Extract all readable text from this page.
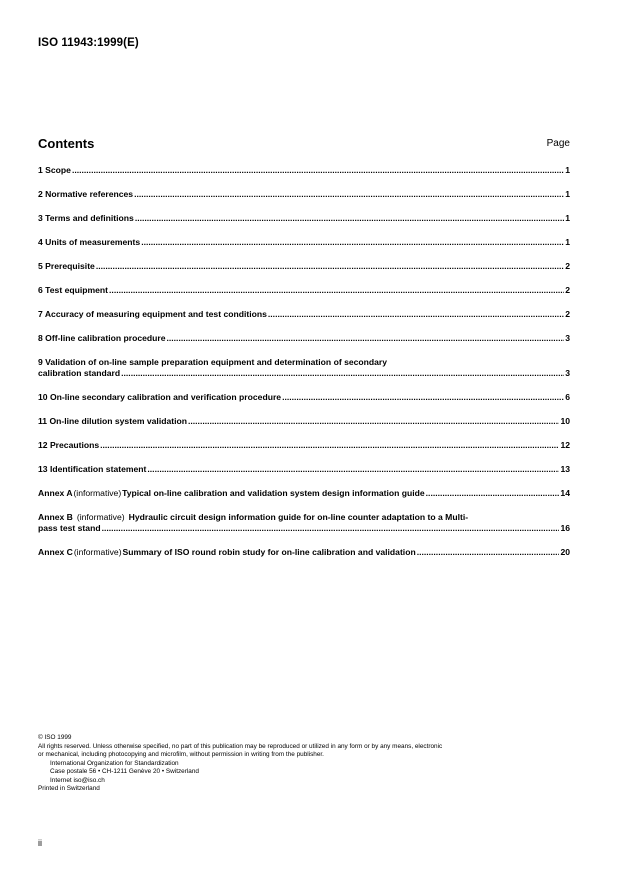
ISO 11943:1999(E)
Contents	Page
1 Scope .....	1
2 Normative references .....	1
3 Terms and definitions .....	1
4 Units of measurements .....	1
5 Prerequisite .....	2
6 Test equipment .....	2
7 Accuracy of measuring equipment and test conditions .....	2
8 Off-line calibration procedure .....	3
9 Validation of on-line sample preparation equipment and determination of secondary
calibration standard .....	3
10 On-line secondary calibration and verification procedure .....	6
11 On-line dilution system validation .....	10
12 Precautions .....	12
13 Identification statement .....	13
Annex A (informative) Typical on-line calibration and validation system design information guide .....	14
Annex B (informative) Hydraulic circuit design information guide for on-line counter adaptation to a Multi-
pass test stand .....	16
Annex C (informative) Summary of ISO round robin study for on-line calibration and validation .....	20
© ISO 1999
All rights reserved. Unless otherwise specified, no part of this publication may be reproduced or utilized in any form or by any means, electronic
or mechanical, including photocopying and microfilm, without permission in writing from the publisher.
International Organization for Standardization
Case postale 56 • CH-1211 Genève 20 • Switzerland
Internet iso@iso.ch
Printed in Switzerland
ii
